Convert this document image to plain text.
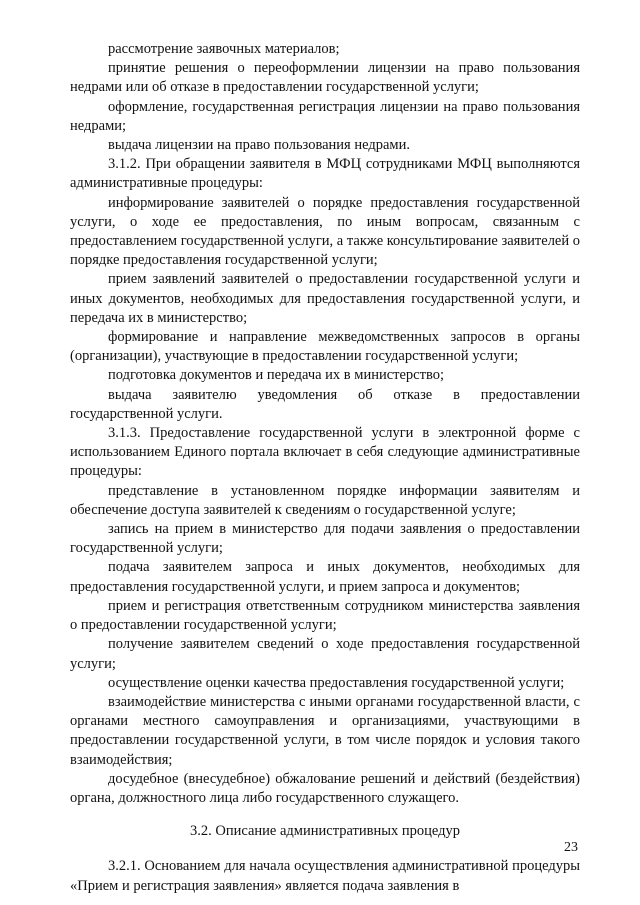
рассмотрение заявочных материалов;

принятие решения о переоформлении лицензии на право пользования недрами или об отказе в предоставлении государственной услуги;

оформление, государственная регистрация лицензии на право пользования недрами;

выдача лицензии на право пользования недрами.

3.1.2. При обращении заявителя в МФЦ сотрудниками МФЦ выполняются административные процедуры:

информирование заявителей о порядке предоставления государственной услуги, о ходе ее предоставления, по иным вопросам, связанным с предоставлением государственной услуги, а также консультирование заявителей о порядке предоставления государственной услуги;

прием заявлений заявителей о предоставлении государственной услуги и иных документов, необходимых для предоставления государственной услуги, и передача их в министерство;

формирование и направление межведомственных запросов в органы (организации), участвующие в предоставлении государственной услуги;

подготовка документов и передача их в министерство;

выдача заявителю уведомления об отказе в предоставлении государственной услуги.

3.1.3. Предоставление государственной услуги в электронной форме с использованием Единого портала включает в себя следующие административные процедуры:

представление в установленном порядке информации заявителям и обеспечение доступа заявителей к сведениям о государственной услуге;

запись на прием в министерство для подачи заявления о предоставлении государственной услуги;

подача заявителем запроса и иных документов, необходимых для предоставления государственной услуги, и прием запроса и документов;

прием и регистрация ответственным сотрудником министерства заявления о предоставлении государственной услуги;

получение заявителем сведений о ходе предоставления государственной услуги;

осуществление оценки качества предоставления государственной услуги;

взаимодействие министерства с иными органами государственной власти, с органами местного самоуправления и организациями, участвующими в предоставлении государственной услуги, в том числе порядок и условия такого взаимодействия;

досудебное (внесудебное) обжалование решений и действий (бездействия) органа, должностного лица либо государственного служащего.

3.2. Описание административных процедур

3.2.1. Основанием для начала осуществления административной процедуры «Прием и регистрация заявления» является подача заявления в

23
